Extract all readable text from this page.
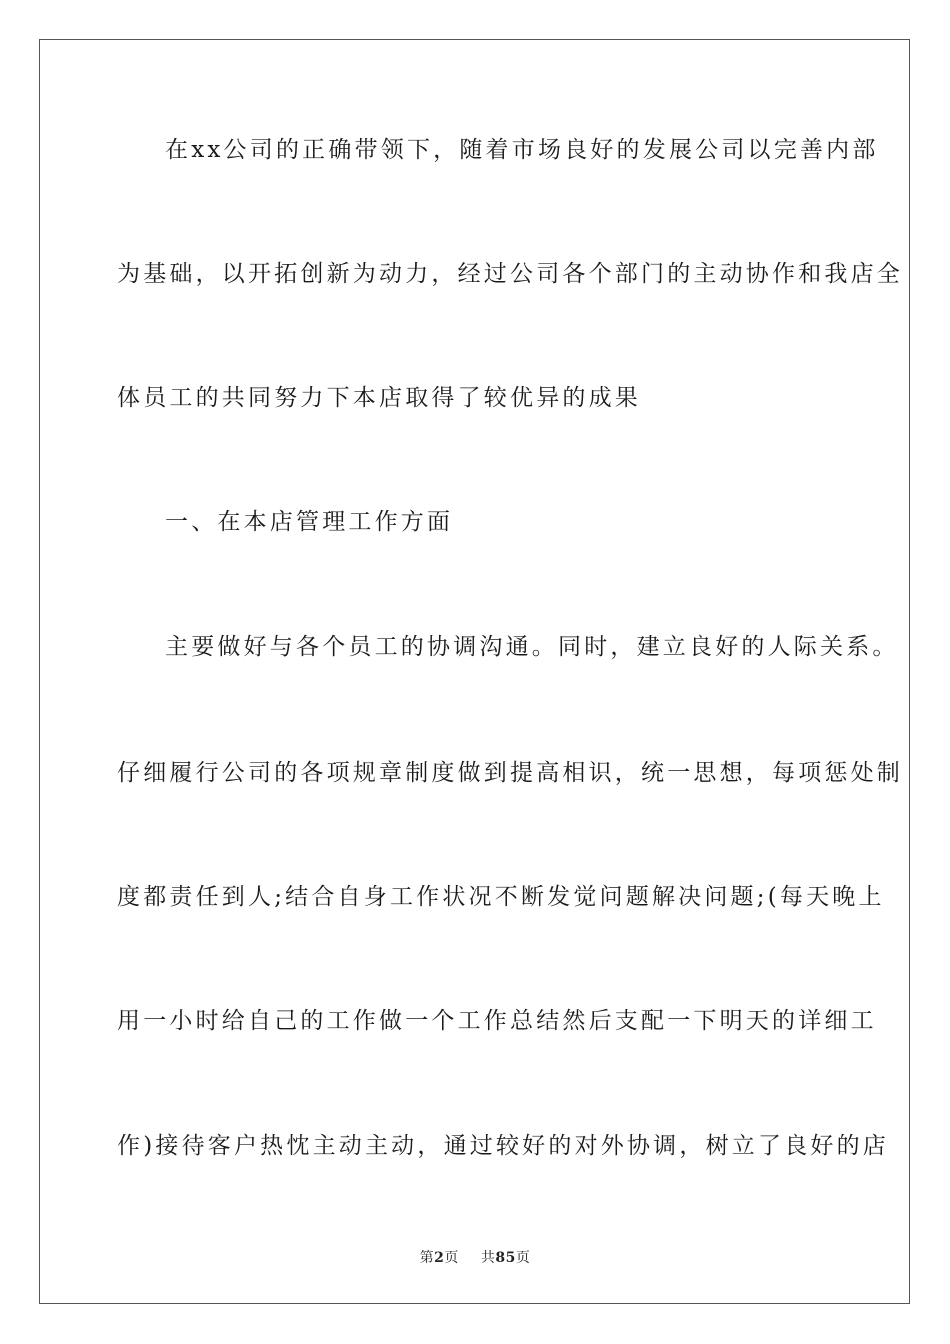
在xx公司的正确带领下，随着市场良好的发展公司以完善内部
为基础，以开拓创新为动力，经过公司各个部门的主动协作和我店全
体员工的共同努力下本店取得了较优异的成果
一、在本店管理工作方面
主要做好与各个员工的协调沟通。同时，建立良好的人际关系。
仔细履行公司的各项规章制度做到提高相识，统一思想，每项惩处制
度都责任到人;结合自身工作状况不断发觉问题解决问题;(每天晚上
用一小时给自己的工作做一个工作总结然后支配一下明天的详细工
作)接待客户热忱主动主动，通过较好的对外协调，树立了良好的店
第2页 共85页
